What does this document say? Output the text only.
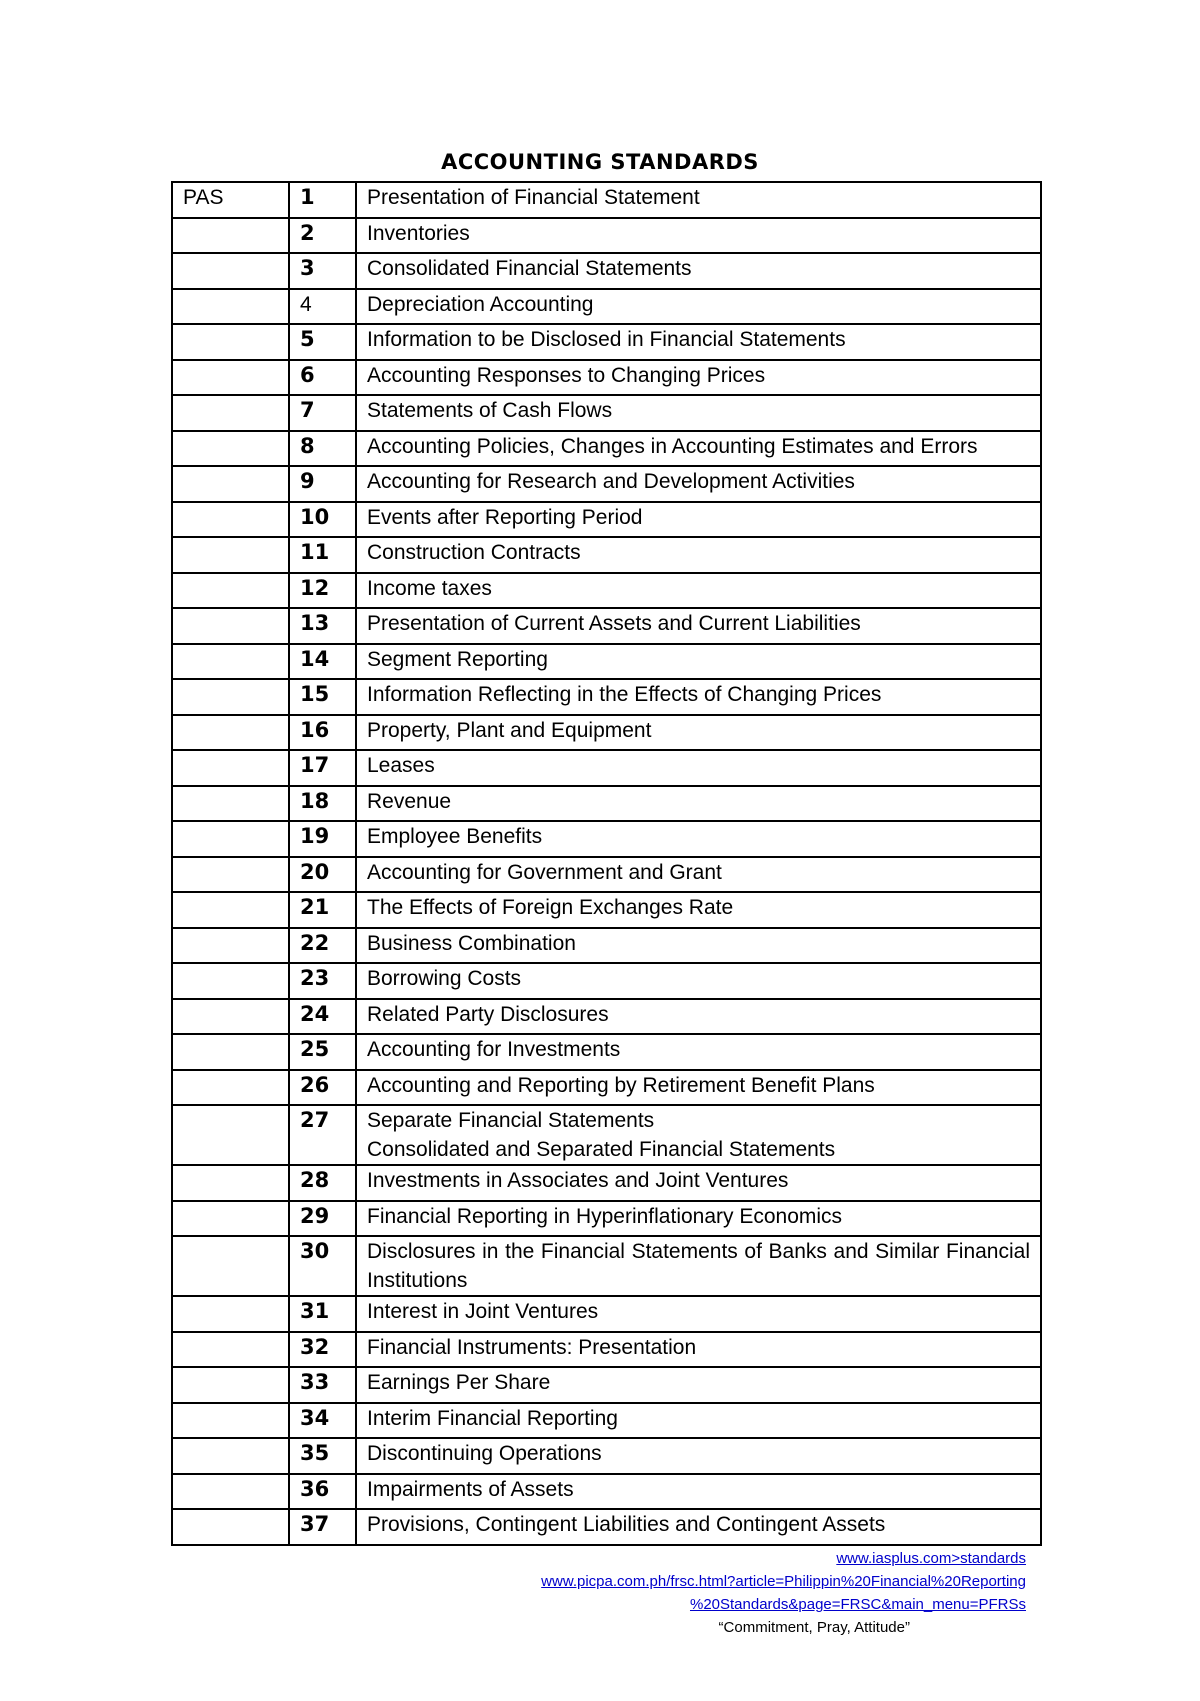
ACCOUNTING STANDARDS
PAS	1	Presentation of Financial Statement

	2	Inventories

	3	Consolidated Financial Statements

	4	Depreciation Accounting

	5	Information to be Disclosed in Financial Statements

	6	Accounting Responses to Changing Prices

	7	Statements of Cash Flows

	8	Accounting Policies, Changes in Accounting Estimates and Errors

	9	Accounting for Research and Development Activities

	10	Events after Reporting Period

	11	Construction Contracts

	12	Income taxes

	13	Presentation of Current Assets and Current Liabilities

	14	Segment Reporting

	15	Information Reflecting in the Effects of Changing Prices

	16	Property, Plant and Equipment

	17	Leases

	18	Revenue

	19	Employee Benefits

	20	Accounting for Government and Grant

	21	The Effects of Foreign Exchanges Rate

	22	Business Combination

	23	Borrowing Costs

	24	Related Party Disclosures

	25	Accounting for Investments

	26	Accounting and Reporting by Retirement Benefit Plans

	27	Separate Financial Statements
Consolidated and Separated Financial Statements

	28	Investments in Associates and Joint Ventures

	29	Financial Reporting in Hyperinflationary Economics

	30	Disclosures in the Financial Statements of Banks and Similar Financial Institutions

	31	Interest in Joint Ventures

	32	Financial Instruments: Presentation

	33	Earnings Per Share

	34	Interim Financial Reporting

	35	Discontinuing Operations

	36	Impairments of Assets

	37	Provisions, Contingent Liabilities and Contingent Assets
www.iasplus.com>standards
www.picpa.com.ph/frsc.html?article=Philippin%20Financial%20Reporting
%20Standards&page=FRSC&main_menu=PFRSs
“Commitment, Pray, Attitude”
